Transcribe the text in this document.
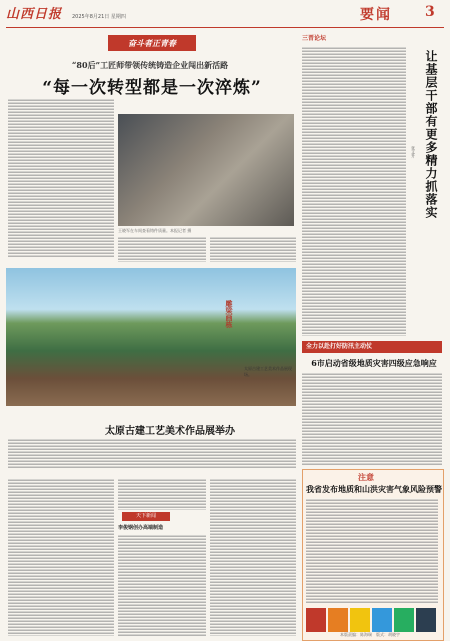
山西日报 2025年8月21日 星期四	要闻 3
奋斗者正青春
“80后”工匠师带领传统铸造企业闯出新活路
“每一次转型都是一次淬炼”
王晓军在车间查看铸件质量。本报记者 摄
雕梁画栋
太原古建工艺美术作品展现场。
太原古建工艺美术作品展举办
天下新闻
李俊钢创办高端制造
三晋论坛
让基层干部有更多精力抓落实
张文升
全力以赴打好防汛主动仗
6市启动省级地质灾害四级应急响应
注意
我省发布地质和山洪灾害气象风险预警
本版责编：陈海瑞　版式：胡晓宇
